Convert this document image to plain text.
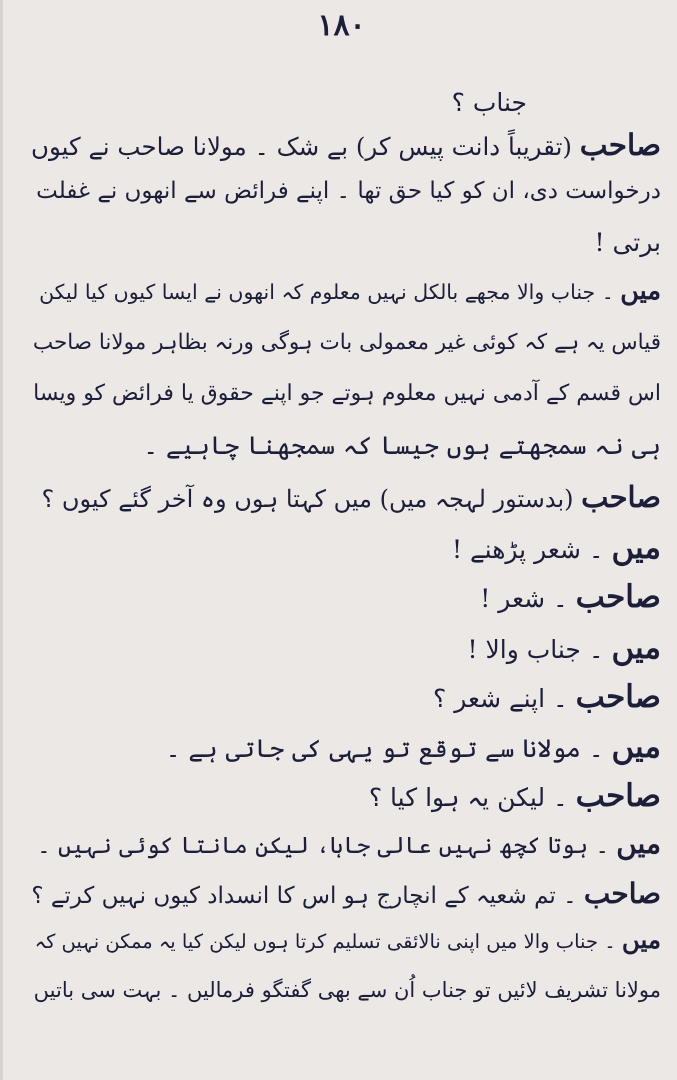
۱۸۰
جناب ؟
صاحب (تقریباً دانت پیس کر) بے شک ۔ مولانا صاحب نے کیوں
درخواست دی، ان کو کیا حق تھا ۔ اپنے فرائض سے انھوں نے غفلت
برتی !
میں ۔ جناب والا مجھے بالکل نہیں معلوم کہ انھوں نے ایسا کیوں کیا لیکن
قیاس یہ ہے کہ کوئی غیر معمولی بات ہوگی ورنہ بظاہر مولانا صاحب
اس قسم کے آدمی نہیں معلوم ہوتے جو اپنے حقوق یا فرائض کو ویسا
ہی نہ سمجھتے ہوں جیسا کہ سمجھنا چاہیے ۔
صاحب (بدستور لہجہ میں) میں کہتا ہوں وہ آخر گئے کیوں ؟
میں ۔ شعر پڑھنے !
صاحب ۔ شعر !
میں ۔ جناب والا !
صاحب ۔ اپنے شعر ؟
میں ۔ مولانا سے توقع تو یہی کی جاتی ہے ۔
صاحب ۔ لیکن یہ ہوا کیا ؟
میں ۔ ہوتا کچھ نہیں عالی جاہا، لیکن مانتا کوئی نہیں ۔
صاحب ۔ تم شعیہ کے انچارج ہو اس کا انسداد کیوں نہیں کرتے ؟
میں ۔ جناب والا میں اپنی نالائقی تسلیم کرتا ہوں لیکن کیا یہ ممکن نہیں کہ
مولانا تشریف لائیں تو جناب اُن سے بھی گفتگو فرمالیں ۔ بہت سی باتیں
